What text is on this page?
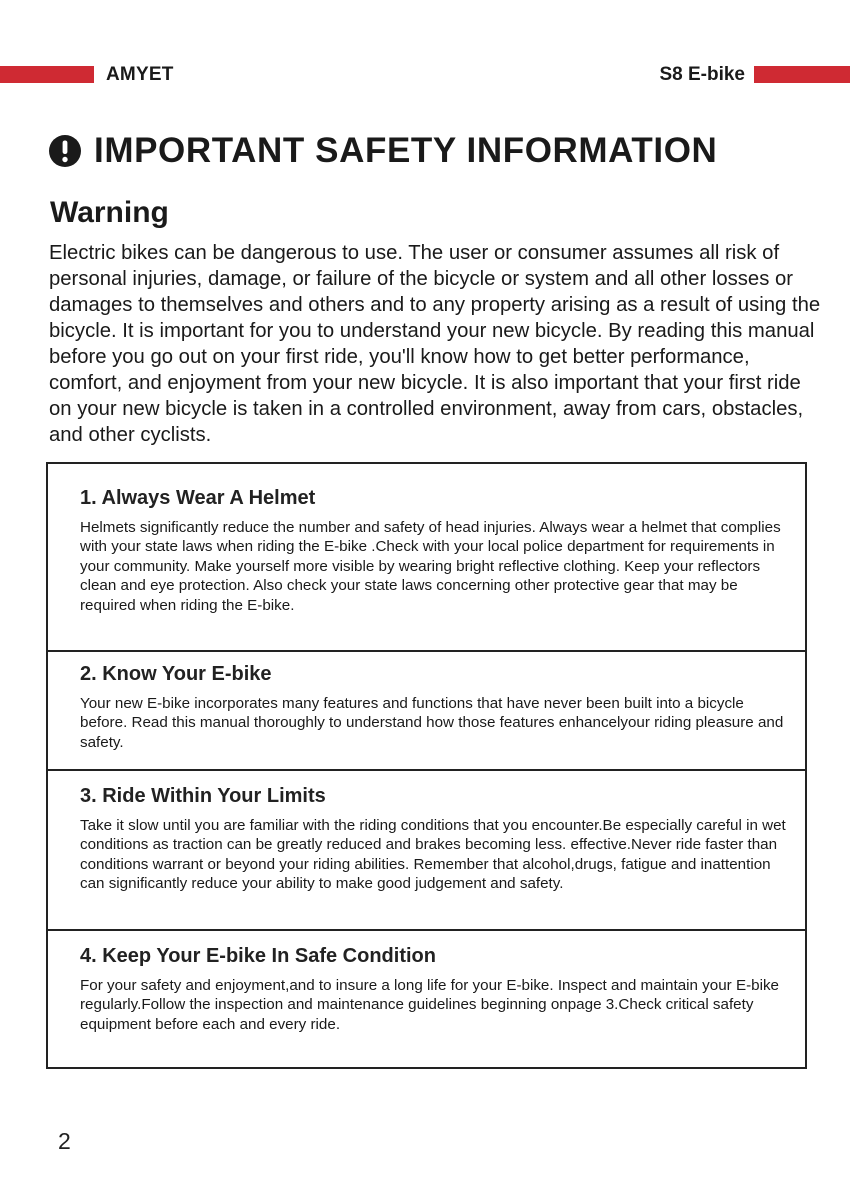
AMYET	S8 E-bike
IMPORTANT SAFETY INFORMATION
Warning

Electric bikes can be dangerous to use. The user or consumer assumes all risk of personal injuries, damage, or failure of the bicycle or system and all other losses or damages to themselves and others and to any property arising as a result of using the bicycle. It is important for you to understand your new bicycle. By reading this manual before you go out on your first ride, you'll know how to get better performance, comfort, and enjoyment from your new bicycle. It is also important that your first ride on your new bicycle is taken in a controlled environment, away from cars, obstacles, and other cyclists.

1. Always Wear A Helmet

Helmets significantly reduce the number and safety of head injuries. Always wear a helmet that complies with your state laws when riding the E-bike .Check with your local police department for requirements in your community. Make yourself more visible by wearing bright reflective clothing. Keep your reflectors clean and eye protection. Also check your state laws concerning other protective gear that may be required when riding the E-bike.

2. Know Your E-bike

Your new E-bike incorporates many features and functions that have never been built into a bicycle before. Read this manual thoroughly to understand how those features enhancelyour riding pleasure and safety.

3. Ride Within Your Limits

Take it slow until you are familiar with the riding conditions that you encounter.Be especially careful in wet conditions as traction can be greatly reduced and brakes becoming less. effective.Never ride faster than conditions warrant or beyond your riding abilities. Remember that alcohol,drugs, fatigue and inattention can significantly reduce your ability to make good judgement and safety.

4. Keep Your E-bike In Safe Condition

For your safety and enjoyment,and to insure a long life for your E-bike. Inspect and maintain your E-bike regularly.Follow the inspection and maintenance guidelines beginning onpage 3.Check critical safety equipment before each and every ride.

2
